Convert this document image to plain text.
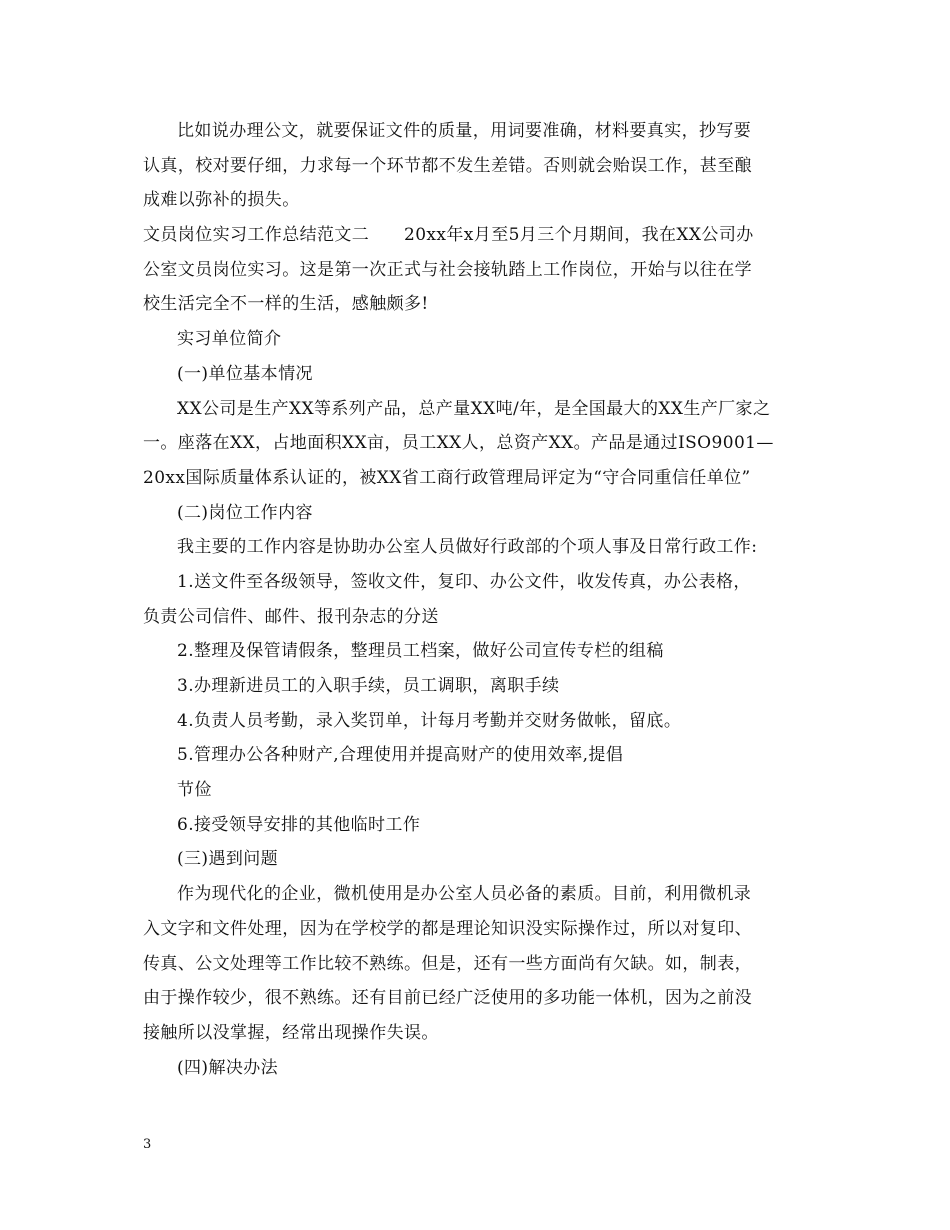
比如说办理公文，就要保证文件的质量，用词要准确，材料要真实，抄写要
认真，校对要仔细，力求每一个环节都不发生差错。否则就会贻误工作，甚至酿
成难以弥补的损失。
文员岗位实习工作总结范文二　　20xx年x月至5月三个月期间，我在XX公司办
公室文员岗位实习。这是第一次正式与社会接轨踏上工作岗位，开始与以往在学
校生活完全不一样的生活，感触颇多!
实习单位简介
(一)单位基本情况
XX公司是生产XX等系列产品，总产量XX吨/年，是全国最大的XX生产厂家之
一。座落在XX，占地面积XX亩，员工XX人，总资产XX。产品是通过ISO9001—
20xx国际质量体系认证的，被XX省工商行政管理局评定为“守合同重信任单位”
(二)岗位工作内容
我主要的工作内容是协助办公室人员做好行政部的个项人事及日常行政工作:
1.送文件至各级领导，签收文件，复印、办公文件，收发传真，办公表格，
负责公司信件、邮件、报刊杂志的分送
2.整理及保管请假条，整理员工档案，做好公司宣传专栏的组稿
3.办理新进员工的入职手续，员工调职，离职手续
4.负责人员考勤，录入奖罚单，计每月考勤并交财务做帐，留底。
5.管理办公各种财产,合理使用并提高财产的使用效率,提倡
节俭
6.接受领导安排的其他临时工作
(三)遇到问题
作为现代化的企业，微机使用是办公室人员必备的素质。目前，利用微机录
入文字和文件处理，因为在学校学的都是理论知识没实际操作过，所以对复印、
传真、公文处理等工作比较不熟练。但是，还有一些方面尚有欠缺。如，制表，
由于操作较少，很不熟练。还有目前已经广泛使用的多功能一体机，因为之前没
接触所以没掌握，经常出现操作失误。
(四)解决办法
3
